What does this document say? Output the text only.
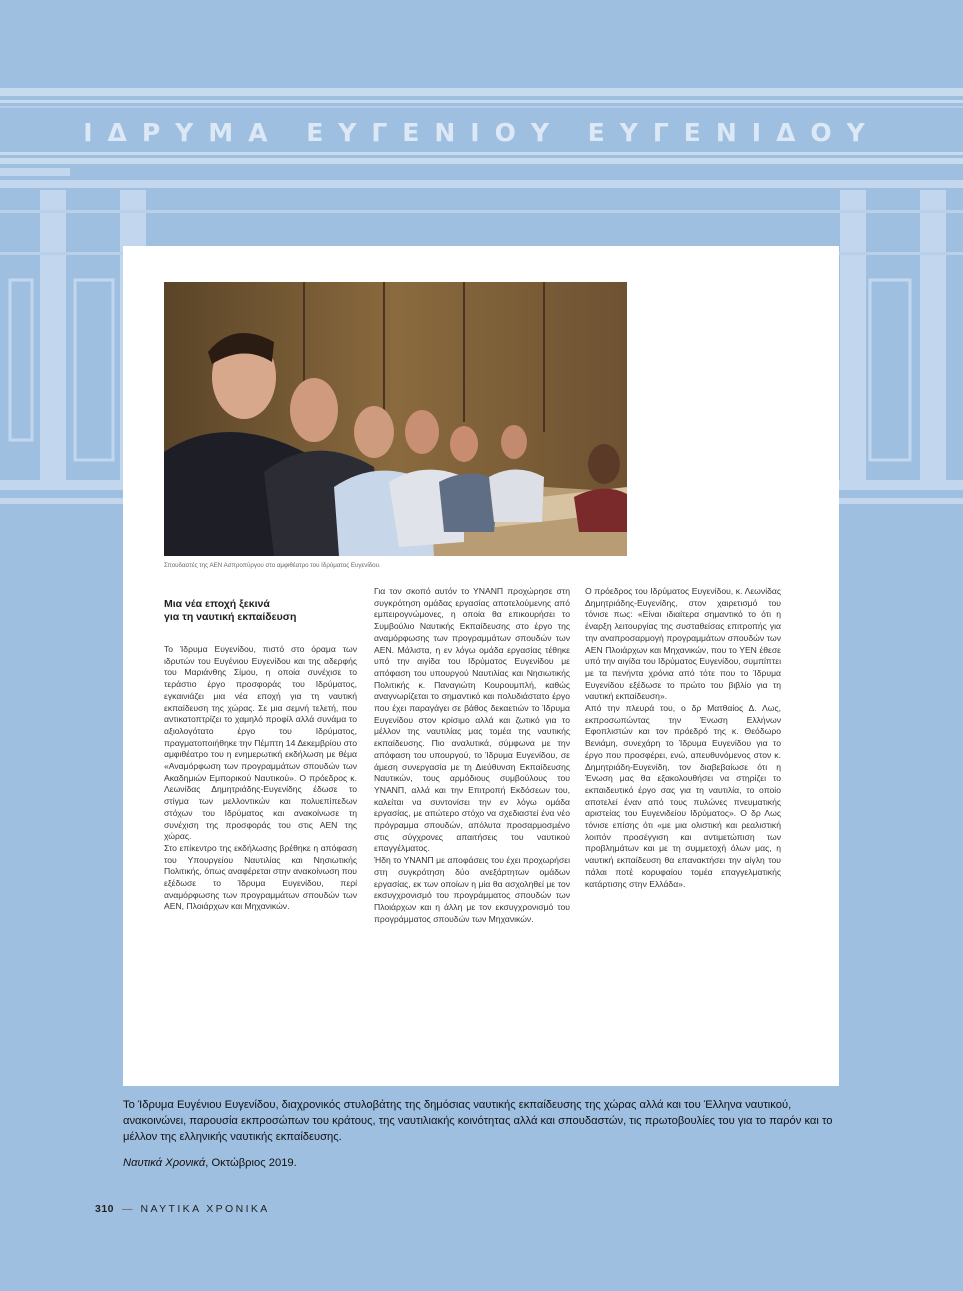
ΙΔΡΥΜΑ ΕΥΓΕΝΙΟΥ ΕΥΓΕΝΙΔΟΥ
Σπουδαστές της ΑΕΝ Ασπροπύργου στο αμφιθέατρο του Ιδρύματος Ευγενίδου.
Μια νέα εποχή ξεκινά
για τη ναυτική εκπαίδευση

Το Ίδρυμα Ευγενίδου, πιστό στο όραμα των ιδρυτών του Ευγένιου Ευγενίδου και της αδερφής του Μαριάνθης Σίμου, η οποία συνέχισε το τεράστιο έργο προσφοράς του Ιδρύματος, εγκαινιάζει μια νέα εποχή για τη ναυτική εκπαίδευση της χώρας. Σε μια σεμνή τελετή, που αντικατοπτρίζει το χαμηλό προφίλ αλλά συνάμα το αξιολογότατο έργο του Ιδρύματος, πραγματοποιήθηκε την Πέμπτη 14 Δεκεμβρίου στο αμφιθέατρο του η ενημερωτική εκδήλωση με θέμα «Αναμόρφωση των προγραμμάτων σπουδών των Ακαδημιών Εμπορικού Ναυτικού». Ο πρόεδρος κ. Λεωνίδας Δημητριάδης-Ευγενίδης έδωσε το στίγμα των μελλοντικών και πολυεπίπεδων στόχων του Ιδρύματος και ανακοίνωσε τη συνέχιση της προσφοράς του στις ΑΕΝ της χώρας.

Στο επίκεντρο της εκδήλωσης βρέθηκε η απόφαση του Υπουργείου Ναυτιλίας και Νησιωτικής Πολιτικής, όπως αναφέρεται στην ανακοίνωση που εξέδωσε το Ίδρυμα Ευγενίδου, περί αναμόρφωσης των προγραμμάτων σπουδών των ΑΕΝ, Πλοιάρχων και Μηχανικών.

Για τον σκοπό αυτόν το ΥΝΑΝΠ προχώρησε στη συγκρότηση ομάδας εργασίας αποτελούμενης από εμπειρογνώμονες, η οποία θα επικουρήσει το Συμβούλιο Ναυτικής Εκπαίδευσης στο έργο της αναμόρφωσης των προγραμμάτων σπουδών των ΑΕΝ. Μάλιστα, η εν λόγω ομάδα εργασίας τέθηκε υπό την αιγίδα του Ιδρύματος Ευγενίδου με απόφαση του υπουργού Ναυτιλίας και Νησιωτικής Πολιτικής κ. Παναγιώτη Κουρουμπλή, καθώς αναγνωρίζεται το σημαντικό και πολυδιάστατο έργο που έχει παραγάγει σε βάθος δεκαετιών το Ίδρυμα Ευγενίδου στον κρίσιμο αλλά και ζωτικό για το μέλλον της ναυτιλίας μας τομέα της ναυτικής εκπαίδευσης. Πιο αναλυτικά, σύμφωνα με την απόφαση του υπουργού, το Ίδρυμα Ευγενίδου, σε άμεση συνεργασία με τη Διεύθυνση Εκπαίδευσης Ναυτικών, τους αρμόδιους συμβούλους του ΥΝΑΝΠ, αλλά και την Επιτροπή Εκδόσεων του, καλείται να συντονίσει την εν λόγω ομάδα εργασίας, με απώτερο στόχο να σχεδιαστεί ένα νέο πρόγραμμα σπουδών, απόλυτα προσαρμοσμένο στις σύγχρονες απαιτήσεις του ναυτικού επαγγέλματος.

Ήδη το ΥΝΑΝΠ με αποφάσεις του έχει προχωρήσει στη συγκρότηση δύο ανεξάρτητων ομάδων εργασίας, εκ των οποίων η μία θα ασχοληθεί με τον εκσυγχρονισμό του προγράμματος σπουδών των Πλοιάρχων και η άλλη με τον εκσυγχρονισμό του προγράμματος σπουδών των Μηχανικών.

Ο πρόεδρος του Ιδρύματος Ευγενίδου, κ. Λεωνίδας Δημητριάδης-Ευγενίδης, στον χαιρετισμό του τόνισε πως: «Είναι ιδιαίτερα σημαντικό το ότι η έναρξη λειτουργίας της συσταθείσας επιτροπής για την αναπροσαρμογή προγραμμάτων σπουδών των ΑΕΝ Πλοιάρχων και Μηχανικών, που το ΥΕΝ έθεσε υπό την αιγίδα του Ιδρύματος Ευγενίδου, συμπίπτει με τα πενήντα χρόνια από τότε που το Ίδρυμα Ευγενίδου εξέδωσε το πρώτο του βιβλίο για τη ναυτική εκπαίδευση».

Από την πλευρά του, ο δρ Ματθαίος Δ. Λως, εκπροσωπώντας την Ένωση Ελλήνων Εφοπλιστών και τον πρόεδρό της κ. Θεόδωρο Βενιάμη, συνεχάρη το Ίδρυμα Ευγενίδου για το έργο που προσφέρει, ενώ, απευθυνόμενος στον κ. Δημητριάδη-Ευγενίδη, τον διαβεβαίωσε ότι η Ένωση μας θα εξακολουθήσει να στηρίζει το εκπαιδευτικό έργο σας για τη ναυτιλία, το οποίο αποτελεί έναν από τους πυλώνες πνευματικής αριστείας του Ευγενιδείου Ιδρύματος». Ο δρ Λως τόνισε επίσης ότι «με μια ολιστική και ρεαλιστική λοιπόν προσέγγιση και αντιμετώπιση των προβλημάτων και με τη συμμετοχή όλων μας, η ναυτική εκπαίδευση θα επανακτήσει την αίγλη του πάλαι ποτέ κορυφαίου τομέα επαγγελματικής κατάρτισης στην Ελλάδα».

Το Ίδρυμα Ευγένιου Ευγενίδου, διαχρονικός στυλοβάτης της δημόσιας ναυτικής εκπαίδευσης της χώρας αλλά και του Έλληνα ναυτικού, ανακοινώνει, παρουσία εκπροσώπων του κράτους, της ναυτιλιακής κοινότητας αλλά και σπουδαστών, τις πρωτοβουλίες του για το παρόν και το μέλλον της ελληνικής ναυτικής εκπαίδευσης.
Ναυτικά Χρονικά, Οκτώβριος 2019.
310 — ΝΑΥΤΙΚΑ ΧΡΟΝΙΚΑ
